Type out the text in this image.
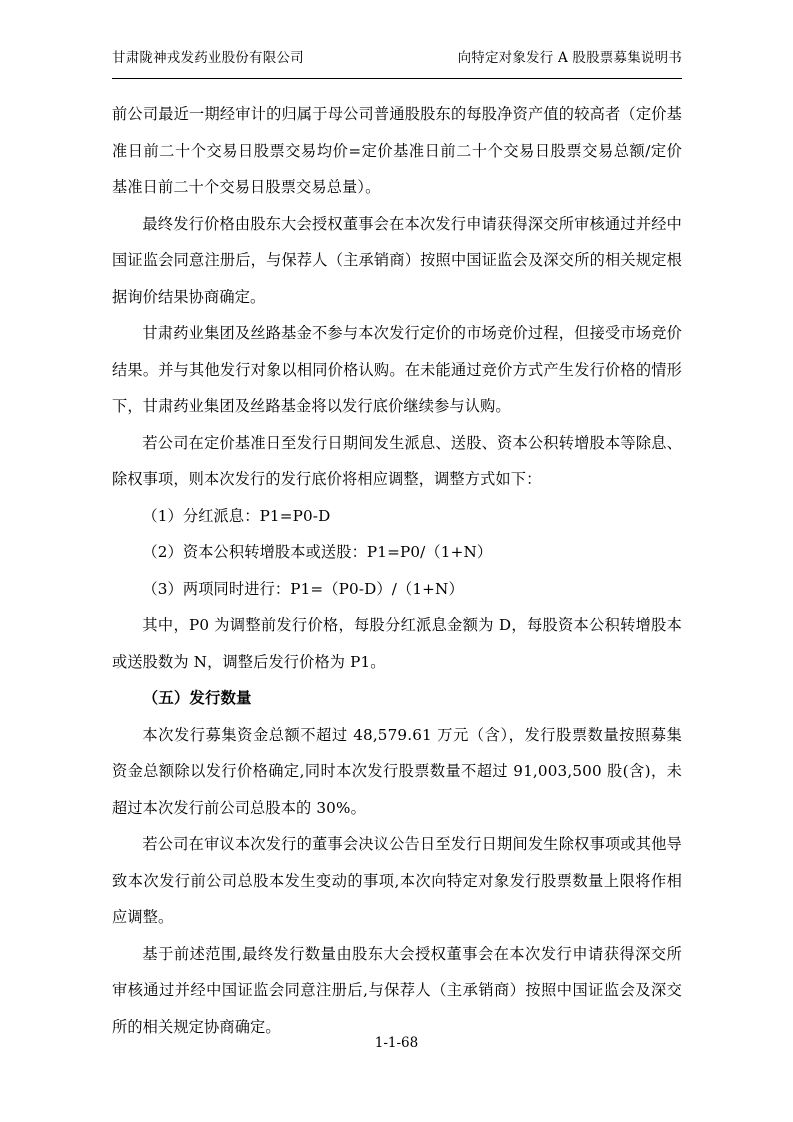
甘肃陇神戎发药业股份有限公司	向特定对象发行 A 股股票募集说明书

前公司最近一期经审计的归属于母公司普通股股东的每股净资产值的较高者（定价基准日前二十个交易日股票交易均价=定价基准日前二十个交易日股票交易总额/定价基准日前二十个交易日股票交易总量）。

最终发行价格由股东大会授权董事会在本次发行申请获得深交所审核通过并经中国证监会同意注册后，与保荐人（主承销商）按照中国证监会及深交所的相关规定根据询价结果协商确定。

甘肃药业集团及丝路基金不参与本次发行定价的市场竞价过程，但接受市场竞价结果。并与其他发行对象以相同价格认购。在未能通过竞价方式产生发行价格的情形下，甘肃药业集团及丝路基金将以发行底价继续参与认购。

若公司在定价基准日至发行日期间发生派息、送股、资本公积转增股本等除息、除权事项，则本次发行的发行底价将相应调整，调整方式如下：

（1）分红派息：P1=P0-D

（2）资本公积转增股本或送股：P1=P0/（1+N）

（3）两项同时进行：P1=（P0-D）/（1+N）

其中，P0 为调整前发行价格，每股分红派息金额为 D，每股资本公积转增股本或送股数为 N，调整后发行价格为 P1。

（五）发行数量

本次发行募集资金总额不超过 48,579.61 万元（含），发行股票数量按照募集资金总额除以发行价格确定,同时本次发行股票数量不超过 91,003,500 股(含)，未超过本次发行前公司总股本的 30%。

若公司在审议本次发行的董事会决议公告日至发行日期间发生除权事项或其他导致本次发行前公司总股本发生变动的事项,本次向特定对象发行股票数量上限将作相应调整。

基于前述范围,最终发行数量由股东大会授权董事会在本次发行申请获得深交所审核通过并经中国证监会同意注册后,与保荐人（主承销商）按照中国证监会及深交所的相关规定协商确定。

1-1-68
